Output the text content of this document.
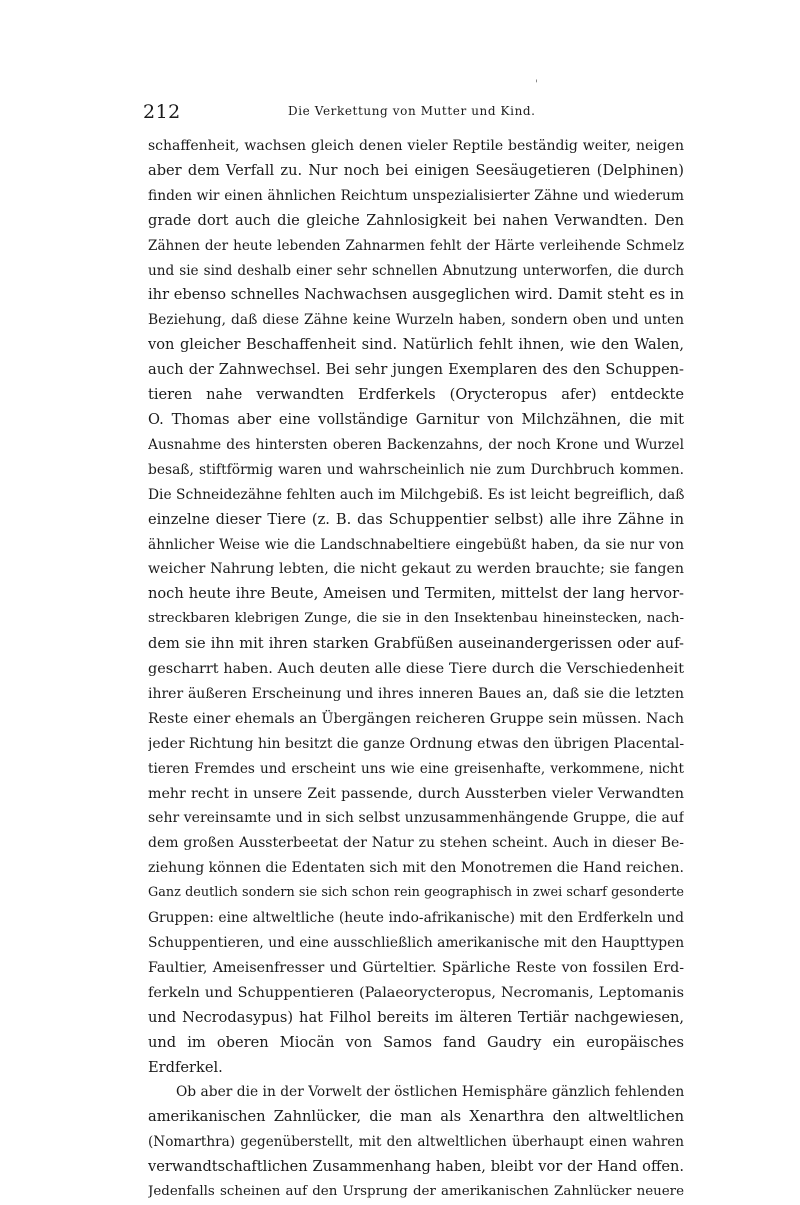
'
212	Die Verkettung von Mutter und Kind.
schaffenheit, wachsen gleich denen vieler Reptile beständig weiter, neigen
aber dem Verfall zu. Nur noch bei einigen Seesäugetieren (Delphinen)
finden wir einen ähnlichen Reichtum unspezialisierter Zähne und wiederum
grade dort auch die gleiche Zahnlosigkeit bei nahen Verwandten. Den
Zähnen der heute lebenden Zahnarmen fehlt der Härte verleihende Schmelz
und sie sind deshalb einer sehr schnellen Abnutzung unterworfen, die durch
ihr ebenso schnelles Nachwachsen ausgeglichen wird. Damit steht es in
Beziehung, daß diese Zähne keine Wurzeln haben, sondern oben und unten
von gleicher Beschaffenheit sind. Natürlich fehlt ihnen, wie den Walen,
auch der Zahnwechsel. Bei sehr jungen Exemplaren des den Schuppen-
tieren nahe verwandten Erdferkels (Orycteropus afer) entdeckte
O. Thomas aber eine vollständige Garnitur von Milchzähnen, die mit
Ausnahme des hintersten oberen Backenzahns, der noch Krone und Wurzel
besaß, stiftförmig waren und wahrscheinlich nie zum Durchbruch kommen.
Die Schneidezähne fehlten auch im Milchgebiß. Es ist leicht begreiflich, daß
einzelne dieser Tiere (z. B. das Schuppentier selbst) alle ihre Zähne in
ähnlicher Weise wie die Landschnabeltiere eingebüßt haben, da sie nur von
weicher Nahrung lebten, die nicht gekaut zu werden brauchte; sie fangen
noch heute ihre Beute, Ameisen und Termiten, mittelst der lang hervor-
streckbaren klebrigen Zunge, die sie in den Insektenbau hineinstecken, nach-
dem sie ihn mit ihren starken Grabfüßen auseinandergerissen oder auf-
gescharrt haben. Auch deuten alle diese Tiere durch die Verschiedenheit
ihrer äußeren Erscheinung und ihres inneren Baues an, daß sie die letzten
Reste einer ehemals an Übergängen reicheren Gruppe sein müssen. Nach
jeder Richtung hin besitzt die ganze Ordnung etwas den übrigen Placental-
tieren Fremdes und erscheint uns wie eine greisenhafte, verkommene, nicht
mehr recht in unsere Zeit passende, durch Aussterben vieler Verwandten
sehr vereinsamte und in sich selbst unzusammenhängende Gruppe, die auf
dem großen Aussterbeetat der Natur zu stehen scheint. Auch in dieser Be-
ziehung können die Edentaten sich mit den Monotremen die Hand reichen.
Ganz deutlich sondern sie sich schon rein geographisch in zwei scharf gesonderte
Gruppen: eine altweltliche (heute indo-afrikanische) mit den Erdferkeln und
Schuppentieren, und eine ausschließlich amerikanische mit den Haupttypen
Faultier, Ameisenfresser und Gürteltier. Spärliche Reste von fossilen Erd-
ferkeln und Schuppentieren (Palaeorycteropus, Necromanis, Leptomanis
und Necrodasypus) hat Filhol bereits im älteren Tertiär nachgewiesen,
und im oberen Miocän von Samos fand Gaudry ein europäisches
Erdferkel.
Ob aber die in der Vorwelt der östlichen Hemisphäre gänzlich fehlenden
amerikanischen Zahnlücker, die man als Xenarthra den altweltlichen
(Nomarthra) gegenüberstellt, mit den altweltlichen überhaupt einen wahren
verwandtschaftlichen Zusammenhang haben, bleibt vor der Hand offen.
Jedenfalls scheinen auf den Ursprung der amerikanischen Zahnlücker neuere
